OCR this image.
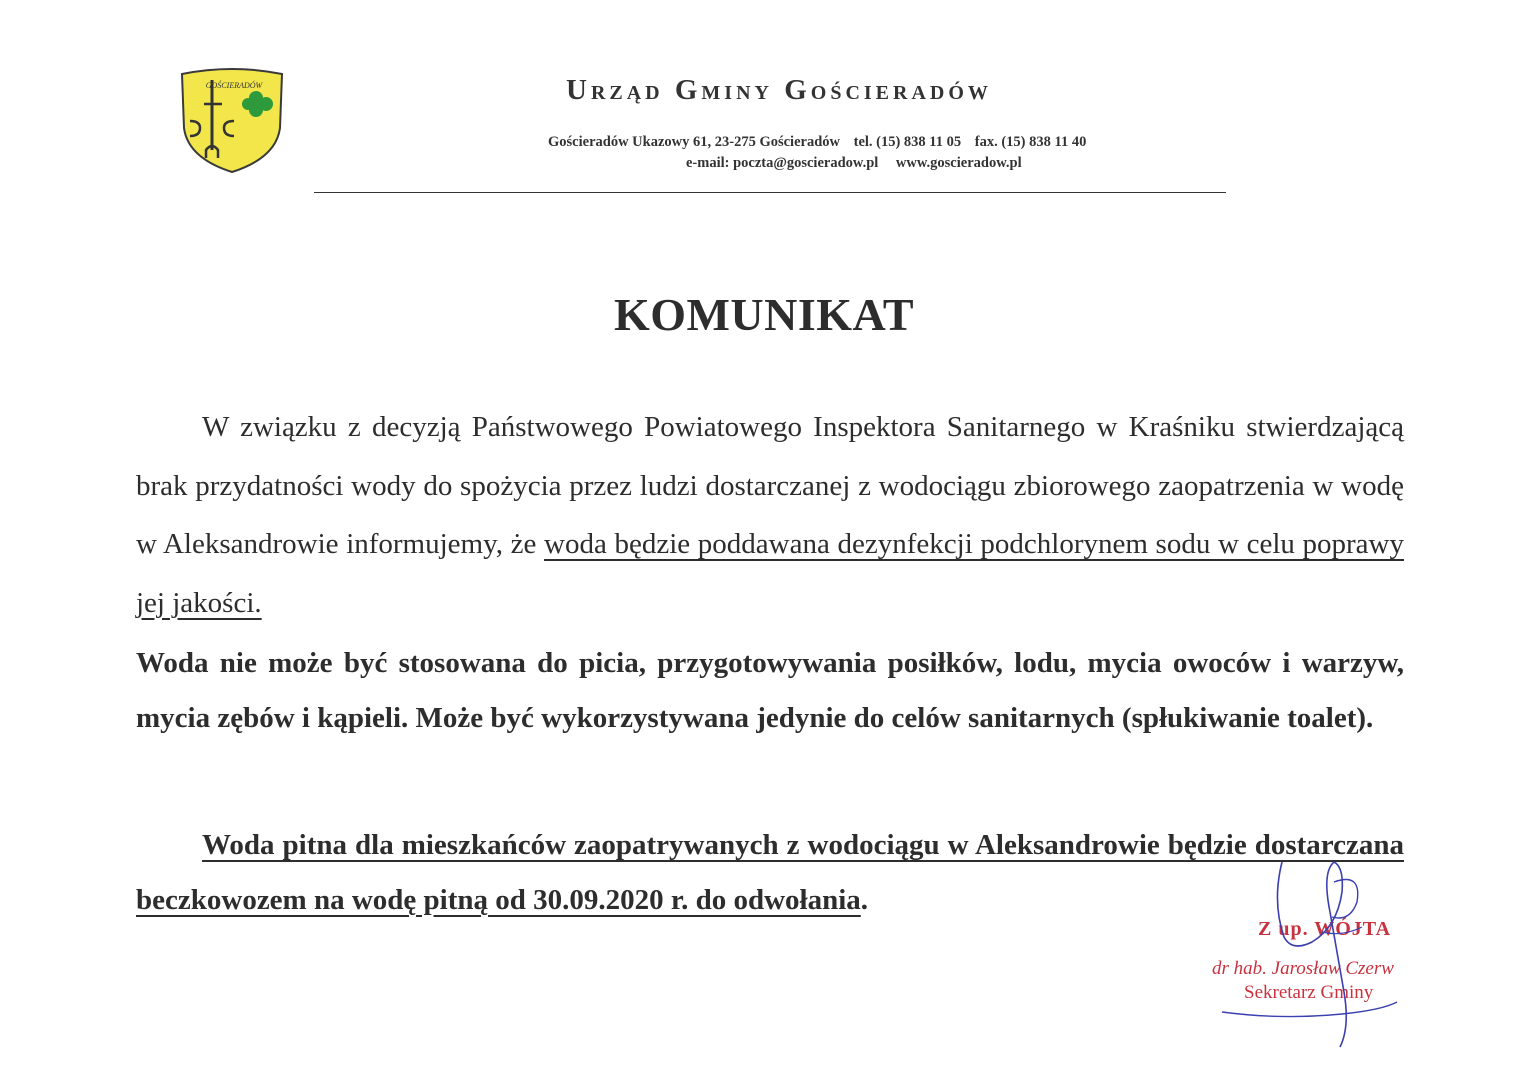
GOŚCIERADÓW	Urząd Gminy Gościeradów
Gościeradów Ukazowy 61, 23-275 Gościeradów tel. (15) 838 11 05 fax. (15) 838 11 40
e-mail: poczta@goscieradow.pl www.goscieradow.pl
KOMUNIKAT
W związku z decyzją Państwowego Powiatowego Inspektora Sanitarnego w Kraśniku stwierdzającą brak przydatności wody do spożycia przez ludzi dostarczanej z wodociągu zbiorowego zaopatrzenia w wodę w Aleksandrowie informujemy, że woda będzie poddawana dezynfekcji podchlorynem sodu w celu poprawy jej jakości.
Woda nie może być stosowana do picia, przygotowywania posiłków, lodu, mycia owoców i warzyw, mycia zębów i kąpieli. Może być wykorzystywana jedynie do celów sanitarnych (spłukiwanie toalet).
Woda pitna dla mieszkańców zaopatrywanych z wodociągu w Aleksandrowie będzie dostarczana beczkowozem na wodę pitną od 30.09.2020 r. do odwołania.
Z up. WÓJTA
dr hab. Jarosław Czerw
Sekretarz Gminy
